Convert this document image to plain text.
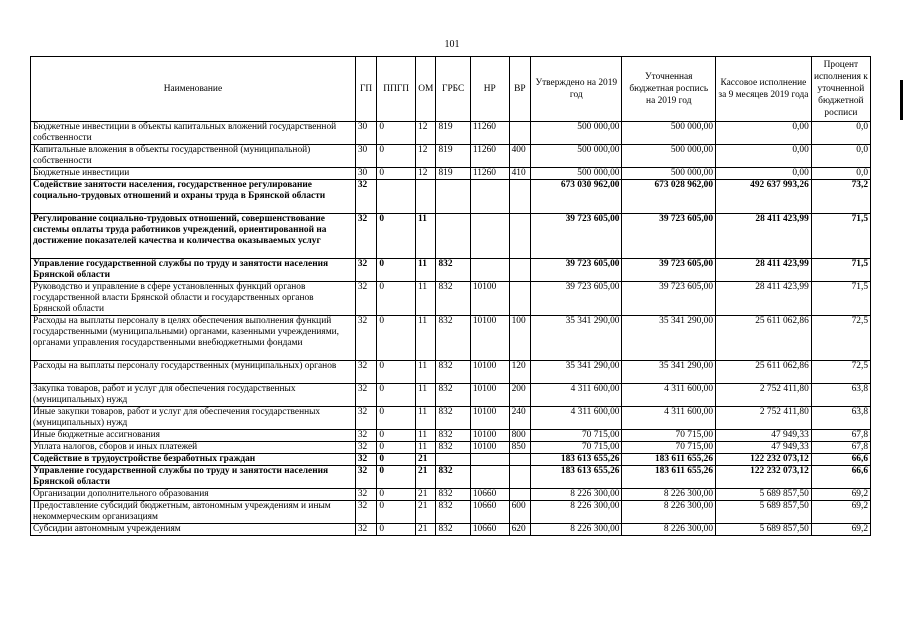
101
Наименование	ГП	ППГП	ОМ	ГРБС	НР	ВР	Утверждено на 2019 год	Уточненная бюджетная роспись на 2019 год	Кассовое исполнение за 9 месяцев 2019 года	Процент исполнения к уточненной бюджетной росписи
Бюджетные инвестиции в объекты капитальных вложений государственной собственности	30	0	12	819	11260		500 000,00	500 000,00	0,00	0,0
Капитальные вложения в объекты государственной (муниципальной) собственности	30	0	12	819	11260	400	500 000,00	500 000,00	0,00	0,0
Бюджетные инвестиции	30	0	12	819	11260	410	500 000,00	500 000,00	0,00	0,0
Содействие занятости населения, государственное регулирование социально-трудовых отношений и охраны труда в Брянской области	32						673 030 962,00	673 028 962,00	492 637 993,26	73,2
Регулирование социально-трудовых отношений, совершенствование системы оплаты труда работников учреждений, ориентированной на достижение показателей качества и количества оказываемых услуг	32	0	11				39 723 605,00	39 723 605,00	28 411 423,99	71,5
Управление государственной службы по труду и занятости населения Брянской области	32	0	11	832			39 723 605,00	39 723 605,00	28 411 423,99	71,5
Руководство и управление в сфере установленных функций органов государственной власти Брянской области и государственных органов Брянской области	32	0	11	832	10100		39 723 605,00	39 723 605,00	28 411 423,99	71,5
Расходы на выплаты персоналу в целях обеспечения выполнения функций государственными (муниципальными) органами, казенными учреждениями, органами управления государственными внебюджетными фондами	32	0	11	832	10100	100	35 341 290,00	35 341 290,00	25 611 062,86	72,5
Расходы на выплаты персоналу государственных (муниципальных) органов	32	0	11	832	10100	120	35 341 290,00	35 341 290,00	25 611 062,86	72,5
Закупка товаров, работ и услуг для обеспечения государственных (муниципальных) нужд	32	0	11	832	10100	200	4 311 600,00	4 311 600,00	2 752 411,80	63,8
Иные закупки товаров, работ и услуг для обеспечения государственных (муниципальных) нужд	32	0	11	832	10100	240	4 311 600,00	4 311 600,00	2 752 411,80	63,8
Иные бюджетные ассигнования	32	0	11	832	10100	800	70 715,00	70 715,00	47 949,33	67,8
Уплата налогов, сборов и иных платежей	32	0	11	832	10100	850	70 715,00	70 715,00	47 949,33	67,8
Содействие в трудоустройстве безработных граждан	32	0	21				183 613 655,26	183 611 655,26	122 232 073,12	66,6
Управление государственной службы по труду и занятости населения Брянской области	32	0	21	832			183 613 655,26	183 611 655,26	122 232 073,12	66,6
Организации дополнительного образования	32	0	21	832	10660		8 226 300,00	8 226 300,00	5 689 857,50	69,2
Предоставление субсидий бюджетным, автономным учреждениям и иным некоммерческим организациям	32	0	21	832	10660	600	8 226 300,00	8 226 300,00	5 689 857,50	69,2
Субсидии автономным учреждениям	32	0	21	832	10660	620	8 226 300,00	8 226 300,00	5 689 857,50	69,2
